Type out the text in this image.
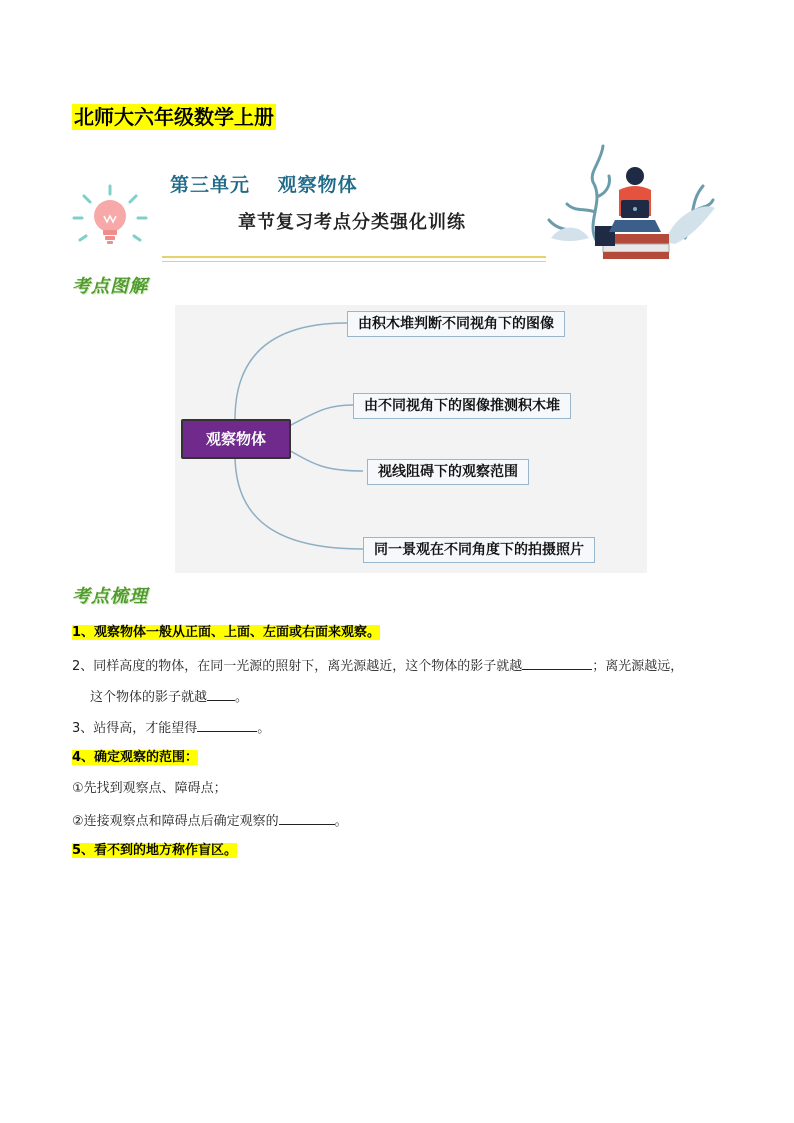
北师大六年级数学上册
第三单元　 观察物体
章节复习考点分类强化训练
考点图解
观察物体
由积木堆判断不同视角下的图像
由不同视角下的图像推测积木堆
视线阻碍下的观察范围
同一景观在不同角度下的拍摄照片
考点梳理
1、观察物体一般从正面、上面、左面或右面来观察。
2、同样高度的物体，在同一光源的照射下，离光源越近，这个物体的影子就越	；离光源越远，
这个物体的影子就越 。
3、站得高，才能望得	。
4、确定观察的范围：
①先找到观察点、障碍点；
②连接观察点和障碍点后确定观察的	。
5、看不到的地方称作盲区。
